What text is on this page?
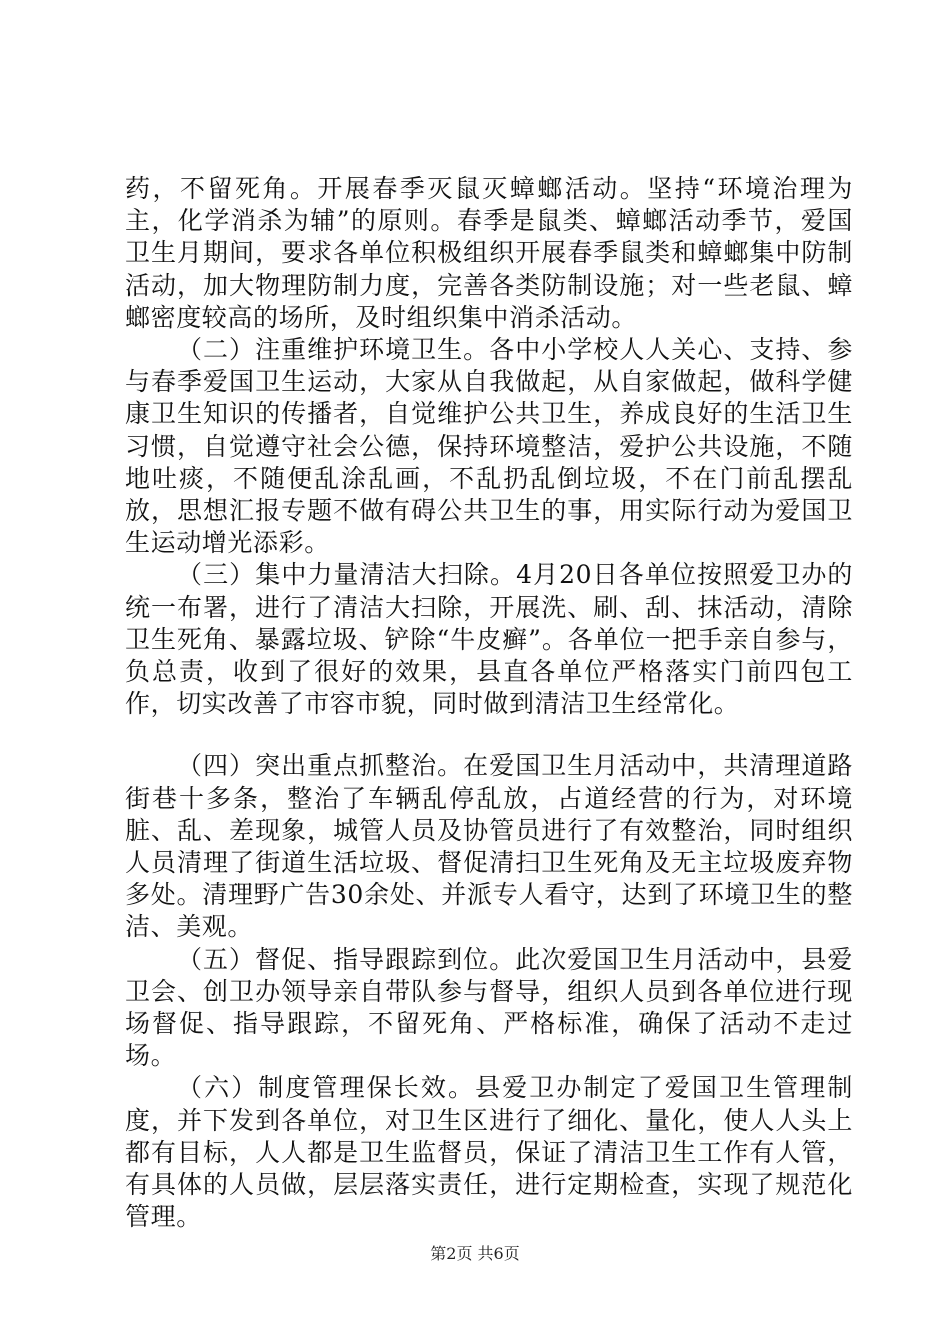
药，不留死角。开展春季灭鼠灭蟑螂活动。坚持“环境治理为主，化学消杀为辅”的原则。春季是鼠类、蟑螂活动季节，爱国卫生月期间，要求各单位积极组织开展春季鼠类和蟑螂集中防制活动，加大物理防制力度，完善各类防制设施；对一些老鼠、蟑螂密度较高的场所，及时组织集中消杀活动。

（二）注重维护环境卫生。各中小学校人人关心、支持、参与春季爱国卫生运动，大家从自我做起，从自家做起，做科学健康卫生知识的传播者，自觉维护公共卫生，养成良好的生活卫生习惯，自觉遵守社会公德，保持环境整洁，爱护公共设施，不随地吐痰，不随便乱涂乱画，不乱扔乱倒垃圾，不在门前乱摆乱放，思想汇报专题不做有碍公共卫生的事，用实际行动为爱国卫生运动增光添彩。

（三）集中力量清洁大扫除。4月20日各单位按照爱卫办的统一布署，进行了清洁大扫除，开展洗、刷、刮、抹活动，清除卫生死角、暴露垃圾、铲除“牛皮癣”。各单位一把手亲自参与，负总责，收到了很好的效果，县直各单位严格落实门前四包工作，切实改善了市容市貌，同时做到清洁卫生经常化。

（四）突出重点抓整治。在爱国卫生月活动中，共清理道路街巷十多条，整治了车辆乱停乱放，占道经营的行为，对环境脏、乱、差现象，城管人员及协管员进行了有效整治，同时组织人员清理了街道生活垃圾、督促清扫卫生死角及无主垃圾废弃物多处。清理野广告30余处、并派专人看守，达到了环境卫生的整洁、美观。

（五）督促、指导跟踪到位。此次爱国卫生月活动中，县爱卫会、创卫办领导亲自带队参与督导，组织人员到各单位进行现场督促、指导跟踪，不留死角、严格标准，确保了活动不走过场。

（六）制度管理保长效。县爱卫办制定了爱国卫生管理制度，并下发到各单位，对卫生区进行了细化、量化，使人人头上都有目标，人人都是卫生监督员，保证了清洁卫生工作有人管，有具体的人员做，层层落实责任，进行定期检查，实现了规范化管理。

第2页 共6页
